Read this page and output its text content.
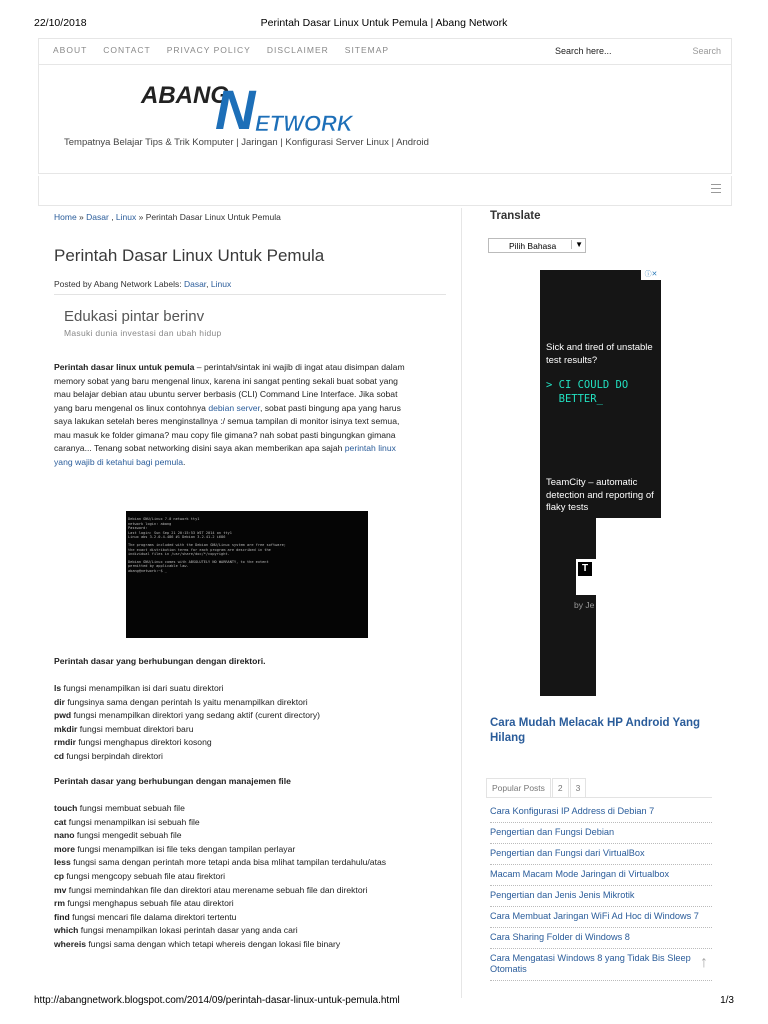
22/10/2018	Perintah Dasar Linux Untuk Pemula | Abang Network
ABOUT CONTACT PRIVACY POLICY DISCLAIMER SITEMAP	Search here...	Search
ABANG
N ETWORK
Tempatnya Belajar Tips & Trik Komputer | Jaringan | Konfigurasi Server Linux | Android
Home » Dasar , Linux » Perintah Dasar Linux Untuk Pemula
Perintah Dasar Linux Untuk Pemula
Posted by Abang Network Labels: Dasar, Linux
Edukasi pintar berinv
Masuki dunia investasi dan ubah hidup
Perintah dasar linux untuk pemula – perintah/sintak ini wajib di ingat atau disimpan dalam memory sobat yang baru mengenal linux, karena ini sangat penting sekali buat sobat yang mau belajar debian atau ubuntu server berbasis (CLI) Command Line Interface. Jika sobat yang baru mengenal os linux contohnya debian server, sobat pasti bingung apa yang harus saya lakukan setelah beres menginstallnya :/ semua tampilan di monitor isinya text semua, mau masuk ke folder gimana? mau copy file gimana? nah sobat pasti bingungkan gimana caranya... Tenang sobat networking disini saya akan memberikan apa sajah perintah linux yang wajib di ketahui bagi pemula.
Debian GNU/Linux 7.0 network tty1
network login: abang
Password:
Last login: Sun Sep 21 20:15:53 WIT 2014 on tty1
Linux abs 3.2.0-4-486 #1 Debian 3.2.41-2 i686
The programs included with the Debian GNU/Linux system are free software;
the exact distribution terms for each program are described in the
individual files in /usr/share/doc/*/copyright.
Debian GNU/Linux comes with ABSOLUTELY NO WARRANTY, to the extent
permitted by applicable law.
abang@network:~$ _
Perintah dasar yang berhubungan dengan direktori.
ls fungsi menampilkan isi dari suatu direktori
dir fungsinya sama dengan perintah ls yaitu menampilkan direktori
pwd fungsi menampilkan direktori yang sedang aktif (curent directory)
mkdir fungsi membuat direktori baru
rmdir fungsi menghapus direktori kosong
cd fungsi berpindah direktori
Perintah dasar yang berhubungan dengan manajemen file
touch fungsi membuat sebuah file
cat fungsi menampilkan isi sebuah file
nano fungsi mengedit sebuah file
more fungsi menampilkan isi file teks dengan tampilan perlayar
less fungsi sama dengan perintah more tetapi anda bisa mlihat tampilan terdahulu/atas
cp fungsi mengcopy sebuah file atau firektori
mv fungsi memindahkan file dan direktori atau merename sebuah file dan direktori
rm fungsi menghapus sebuah file atau direktori
find fungsi mencari file dalama direktori tertentu
which fungsi menampilkan lokasi perintah dasar yang anda cari
whereis fungsi sama dengan which tetapi whereis dengan lokasi file binary
Translate
Pilih Bahasa	▼
ⓘ✕
Sick and tired of unstable test results?
> CI COULD DO
BETTER_
TeamCity – automatic detection and reporting of flaky tests
T
by Je
Cara Mudah Melacak HP Android Yang Hilang
Popular Posts	2	3
Cara Konfigurasi IP Address di Debian 7
Pengertian dan Fungsi Debian
Pengertian dan Fungsi dari VirtualBox
Macam Macam Mode Jaringan di Virtualbox
Pengertian dan Jenis Jenis Mikrotik
Cara Membuat Jaringan WiFi Ad Hoc di Windows 7
Cara Sharing Folder di Windows 8
Cara Mengatasi Windows 8 yang Tidak Bis Sleep Otomatis	↑
http://abangnetwork.blogspot.com/2014/09/perintah-dasar-linux-untuk-pemula.html	1/3
